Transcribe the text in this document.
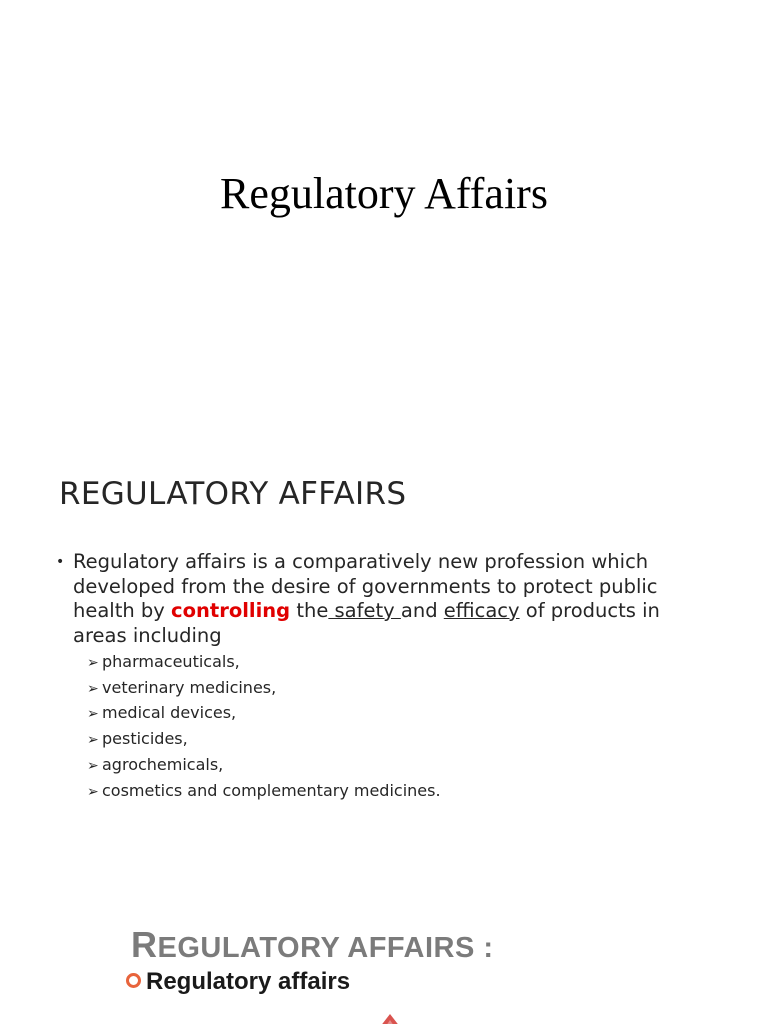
Regulatory Affairs
REGULATORY AFFAIRS
• Regulatory affairs is a comparatively new profession which developed from the desire of governments to protect public health by controlling the safety and efficacy of products in areas including
➢ pharmaceuticals,
➢ veterinary medicines,
➢ medical devices,
➢ pesticides,
➢ agrochemicals,
➢ cosmetics and complementary medicines.
REGULATORY AFFAIRS :
Regulatory affairs
